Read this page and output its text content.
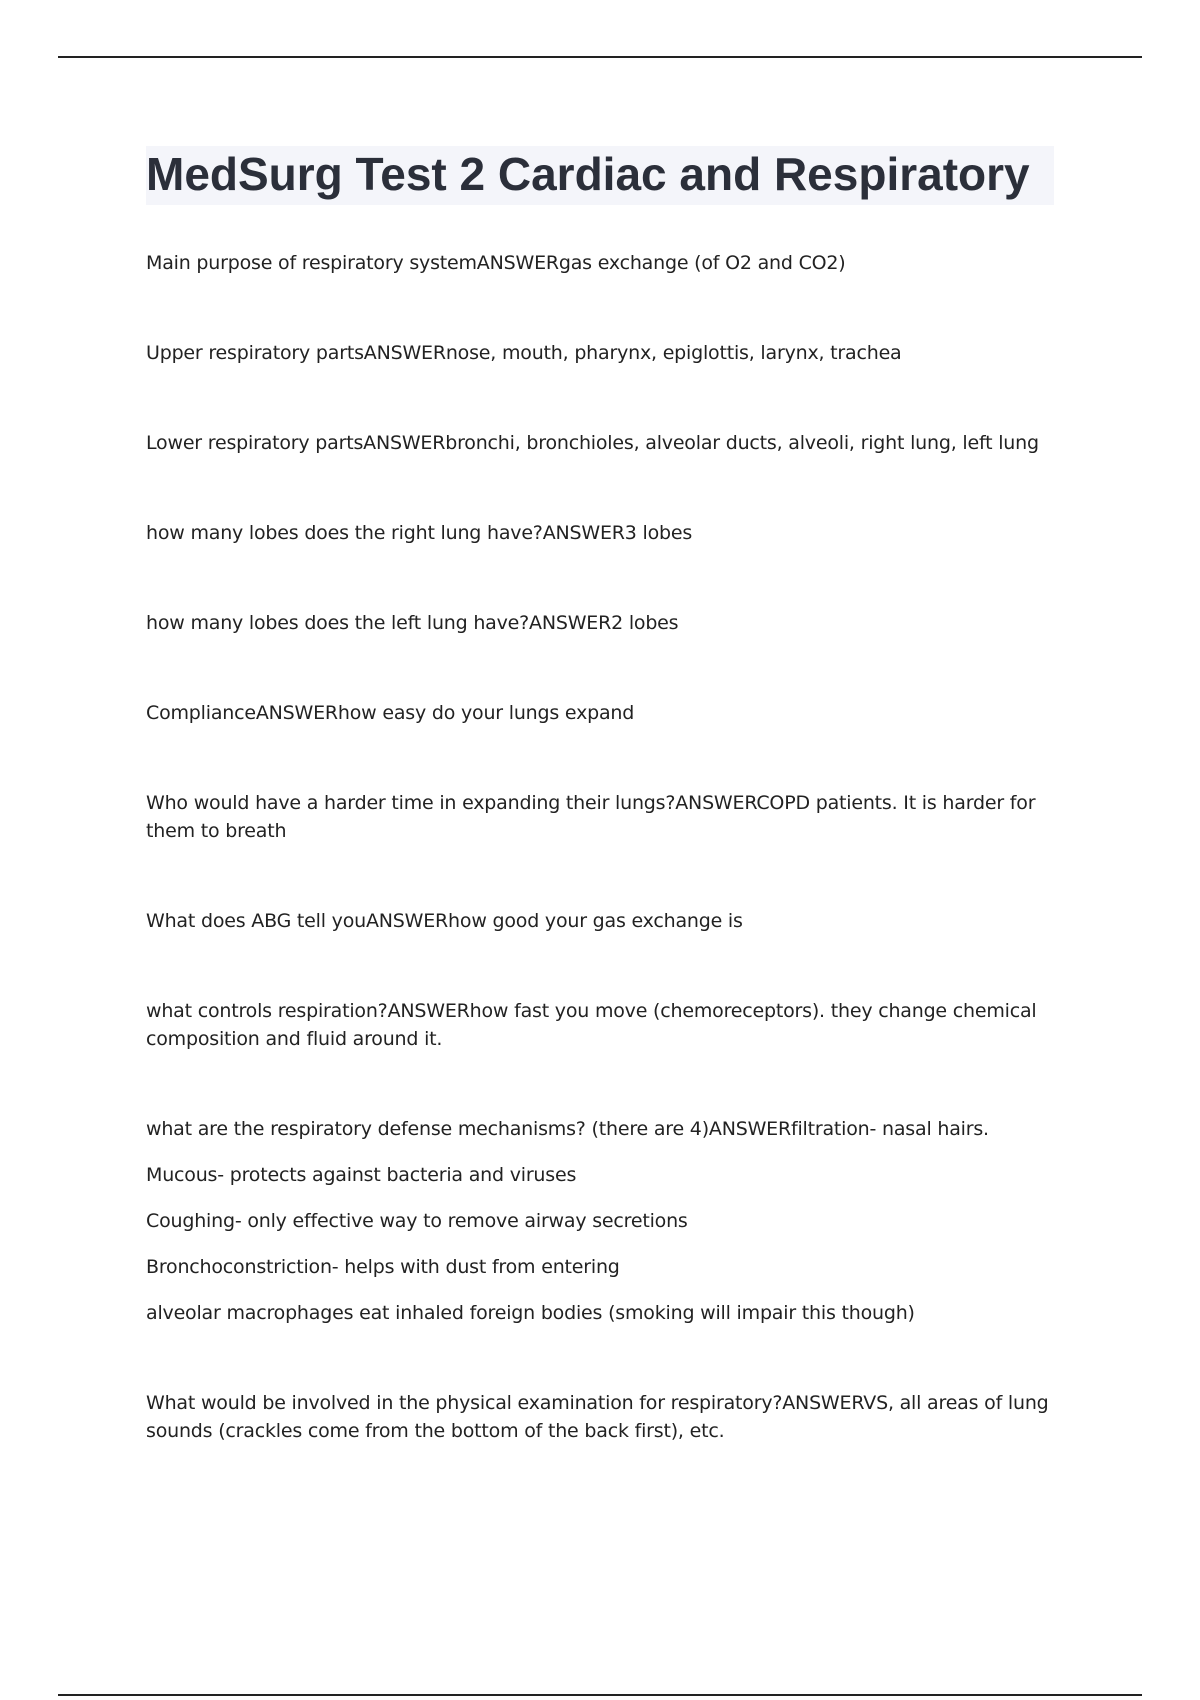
MedSurg Test 2 Cardiac and Respiratory

Main purpose of respiratory systemANSWERgas exchange (of O2 and CO2)

Upper respiratory partsANSWERnose, mouth, pharynx, epiglottis, larynx, trachea

Lower respiratory partsANSWERbronchi, bronchioles, alveolar ducts, alveoli, right lung, left lung

how many lobes does the right lung have?ANSWER3 lobes

how many lobes does the left lung have?ANSWER2 lobes

ComplianceANSWERhow easy do your lungs expand

Who would have a harder time in expanding their lungs?ANSWERCOPD patients. It is harder for them to breath

What does ABG tell youANSWERhow good your gas exchange is

what controls respiration?ANSWERhow fast you move (chemoreceptors). they change chemical composition and fluid around it.

what are the respiratory defense mechanisms? (there are 4)ANSWERfiltration- nasal hairs.

Mucous- protects against bacteria and viruses
Coughing- only effective way to remove airway secretions
Bronchoconstriction- helps with dust from entering
alveolar macrophages eat inhaled foreign bodies (smoking will impair this though)

What would be involved in the physical examination for respiratory?ANSWERVS, all areas of lung sounds (crackles come from the bottom of the back first), etc.
